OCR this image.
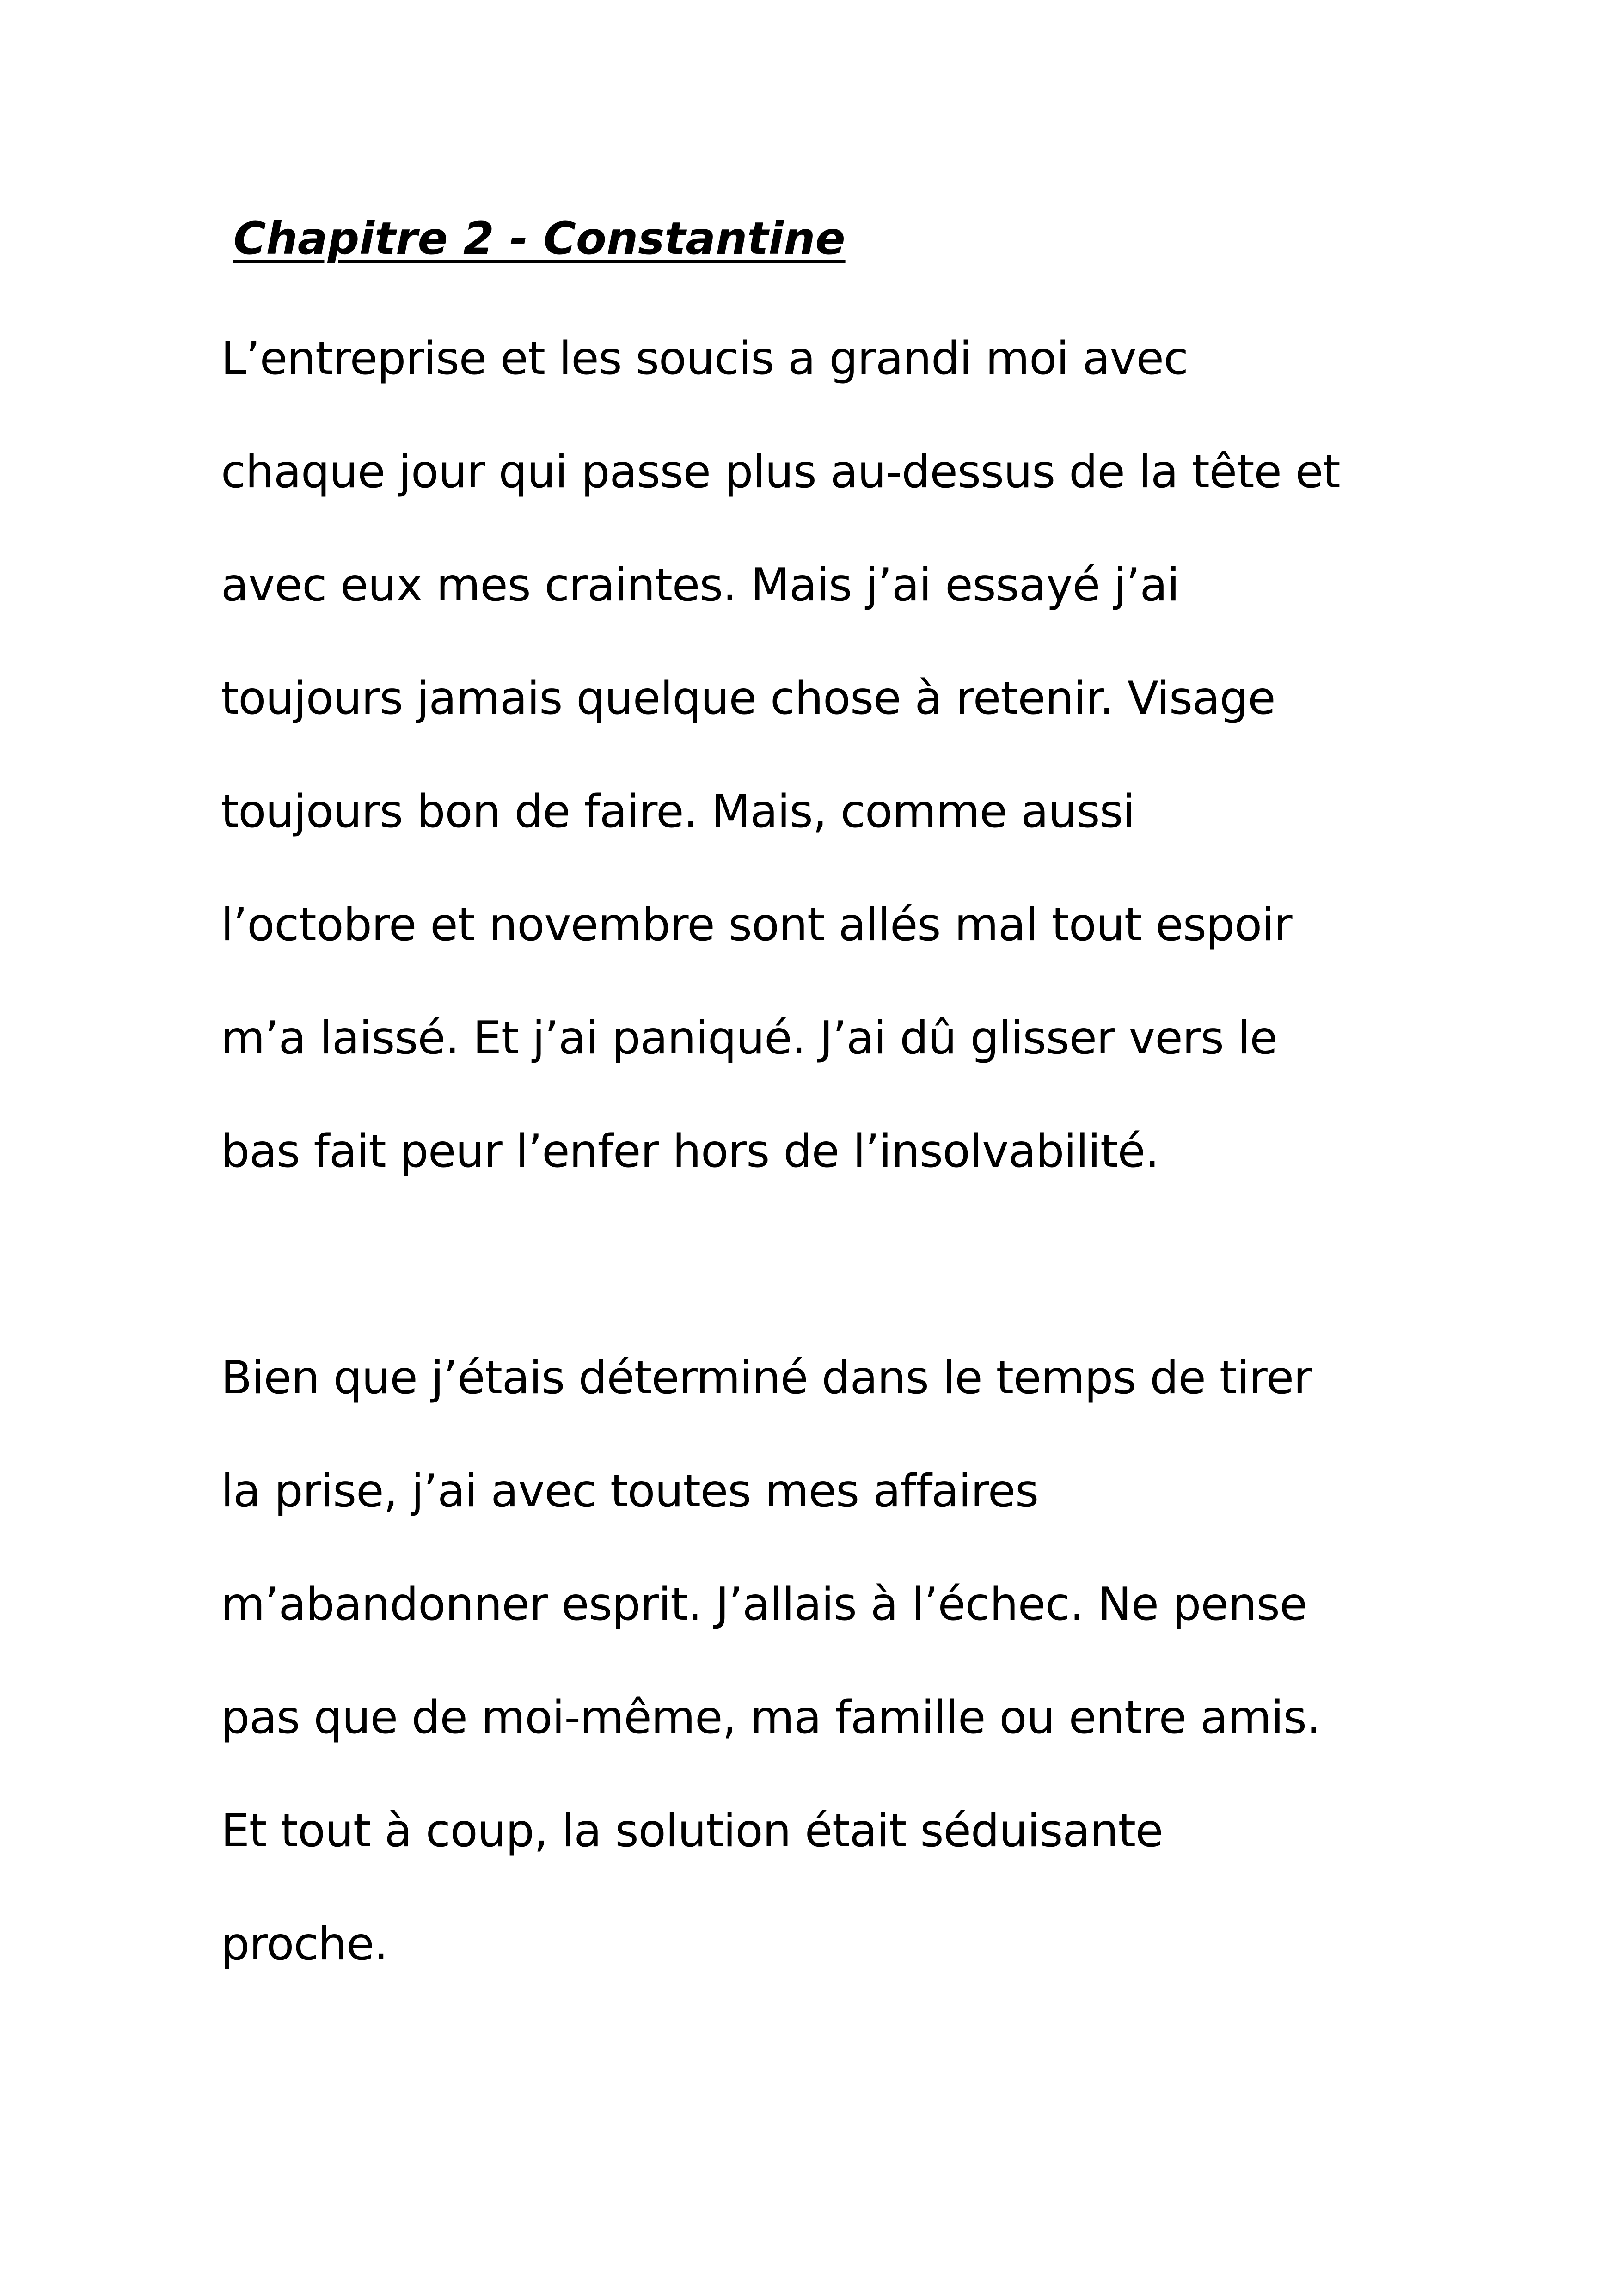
Chapitre 2 - Constantine

L’entreprise et les soucis a grandi moi avec

chaque jour qui passe plus au-dessus de la tête et

avec eux mes craintes. Mais j’ai essayé j’ai

toujours jamais quelque chose à retenir. Visage

toujours bon de faire. Mais, comme aussi

l’octobre et novembre sont allés mal tout espoir

m’a laissé. Et j’ai paniqué. J’ai dû glisser vers le

bas fait peur l’enfer hors de l’insolvabilité.

Bien que j’étais déterminé dans le temps de tirer

la prise, j’ai avec toutes mes affaires

m’abandonner esprit. J’allais à l’échec. Ne pense

pas que de moi-même, ma famille ou entre amis.

Et tout à coup, la solution était séduisante

proche.
